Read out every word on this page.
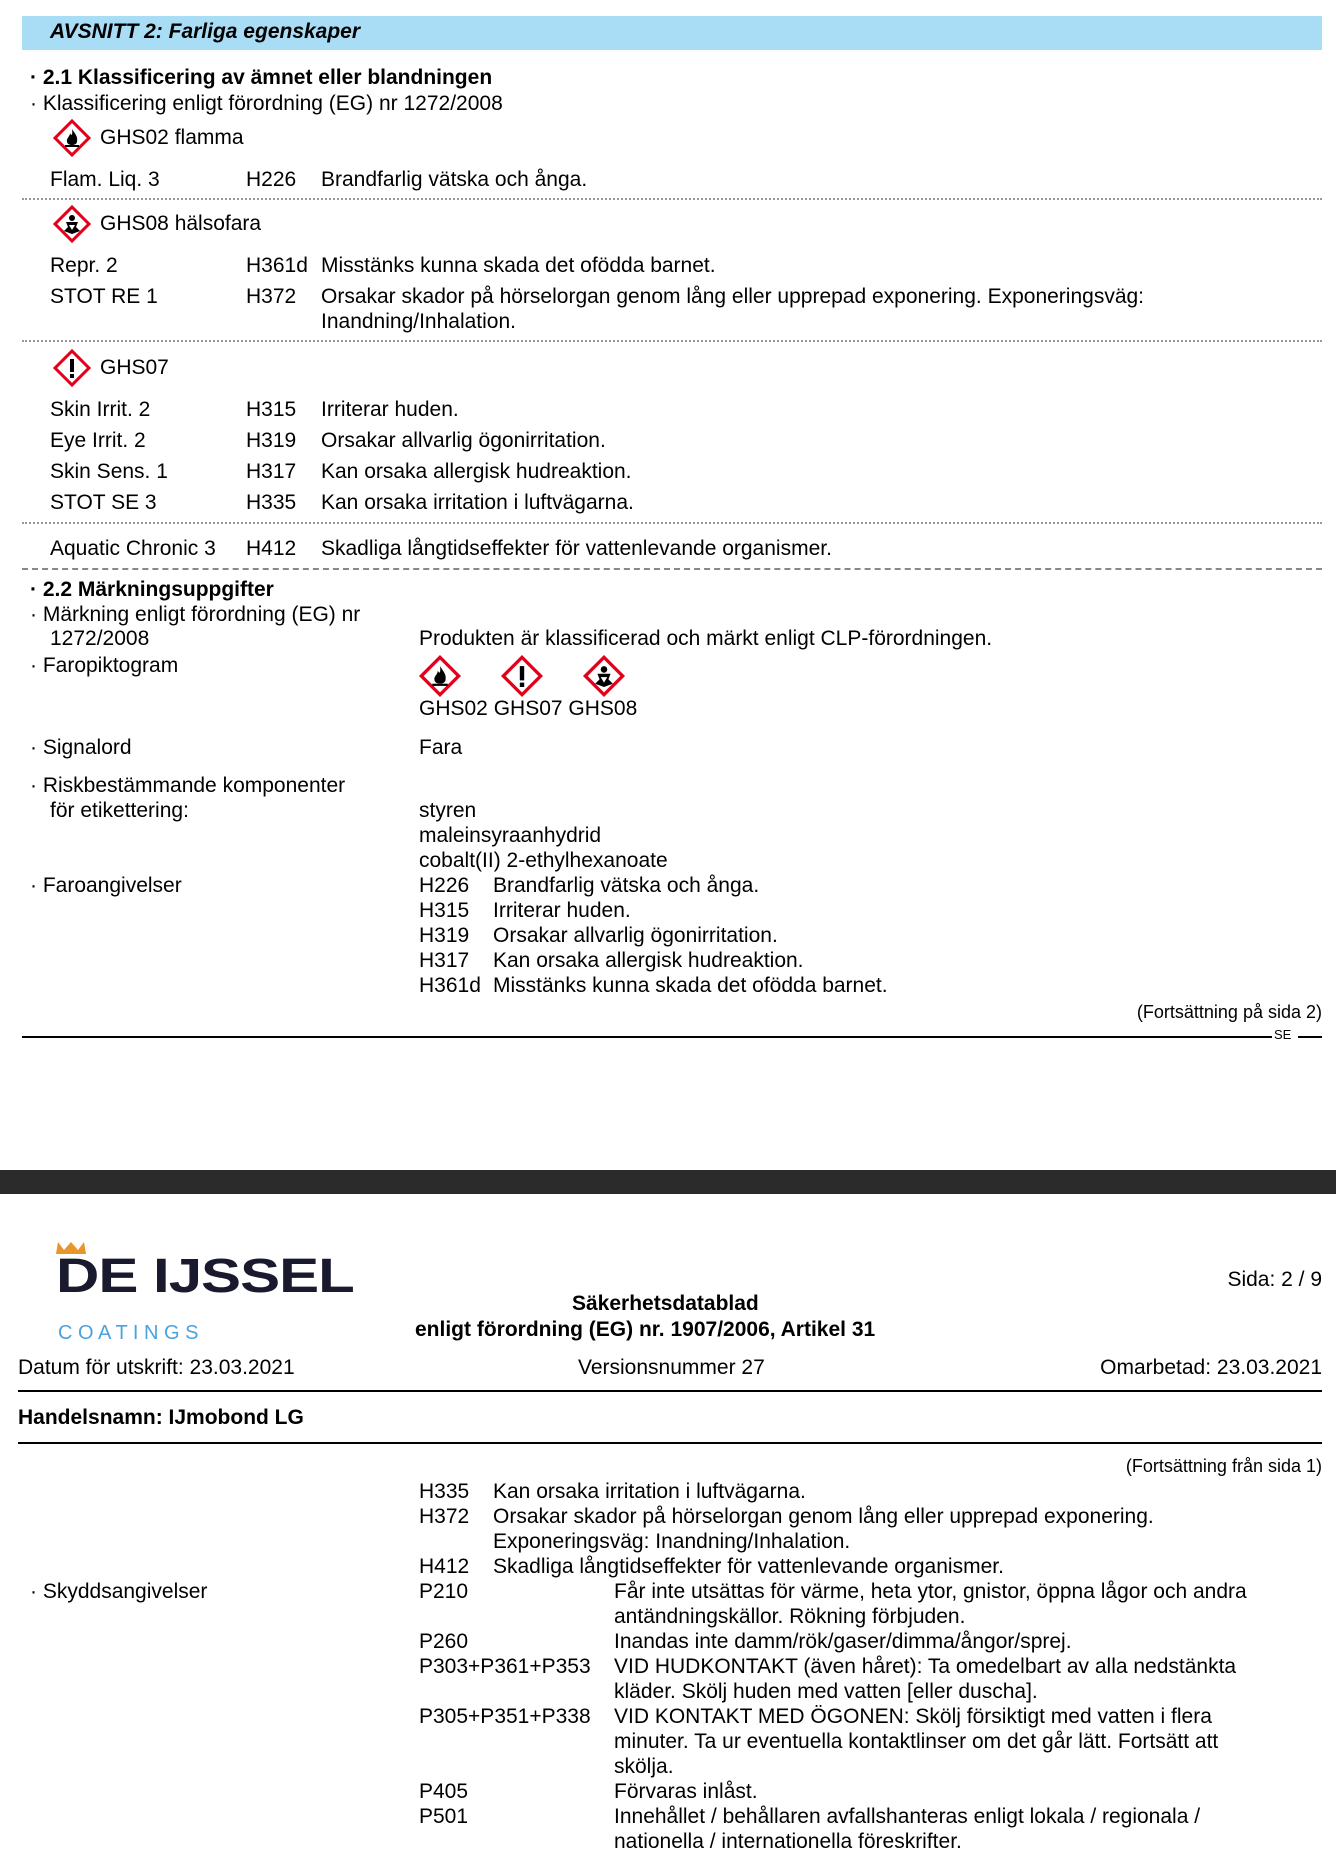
AVSNITT 2: Farliga egenskaper
· 2.1 Klassificering av ämnet eller blandningen
· Klassificering enligt förordning (EG) nr 1272/2008
GHS02 flamma
Flam. Liq. 3	H226 Brandfarlig vätska och ånga.
GHS08 hälsofara
Repr. 2	H361d Misstänks kunna skada det ofödda barnet.
STOT RE 1	H372 Orsakar skador på hörselorgan genom lång eller upprepad exponering. Exponeringsväg:
Inandning/Inhalation.
GHS07
Skin Irrit. 2	H315 Irriterar huden.
Eye Irrit. 2	H319 Orsakar allvarlig ögonirritation.
Skin Sens. 1	H317 Kan orsaka allergisk hudreaktion.
STOT SE 3	H335 Kan orsaka irritation i luftvägarna.
Aquatic Chronic 3 H412 Skadliga långtidseffekter för vattenlevande organismer.
· 2.2 Märkningsuppgifter
· Märkning enligt förordning (EG) nr
1272/2008	Produkten är klassificerad och märkt enligt CLP-förordningen.
· Faropiktogram
GHS02 GHS07 GHS08
· Signalord	Fara
· Riskbestämmande komponenter
för etikettering:	styren
maleinsyraanhydrid
cobalt(II) 2-ethylhexanoate
· Faroangivelser	H226 Brandfarlig vätska och ånga.
H315 Irriterar huden.
H319 Orsakar allvarlig ögonirritation.
H317 Kan orsaka allergisk hudreaktion.
H361d Misstänks kunna skada det ofödda barnet.
(Fortsättning på sida 2)
SE
DE IJSSEL
C O A T I N G S
Säkerhetsdatablad
enligt förordning (EG) nr. 1907/2006, Artikel 31
Sida: 2 / 9
Datum för utskrift: 23.03.2021	Versionsnummer 27	Omarbetad: 23.03.2021
Handelsnamn: IJmobond LG
(Fortsättning från sida 1)
H335 Kan orsaka irritation i luftvägarna.
H372 Orsakar skador på hörselorgan genom lång eller upprepad exponering.
Exponeringsväg: Inandning/Inhalation.
H412 Skadliga långtidseffekter för vattenlevande organismer.
· Skyddsangivelser	P210	Får inte utsättas för värme, heta ytor, gnistor, öppna lågor och andra
antändningskällor. Rökning förbjuden.
P260	Inandas inte damm/rök/gaser/dimma/ångor/sprej.
P303+P361+P353 VID HUDKONTAKT (även håret): Ta omedelbart av alla nedstänkta
kläder. Skölj huden med vatten [eller duscha].
P305+P351+P338 VID KONTAKT MED ÖGONEN: Skölj försiktigt med vatten i flera
minuter. Ta ur eventuella kontaktlinser om det går lätt. Fortsätt att
skölja.
P405	Förvaras inlåst.
P501	Innehållet / behållaren avfallshanteras enligt lokala / regionala /
nationella / internationella föreskrifter.
